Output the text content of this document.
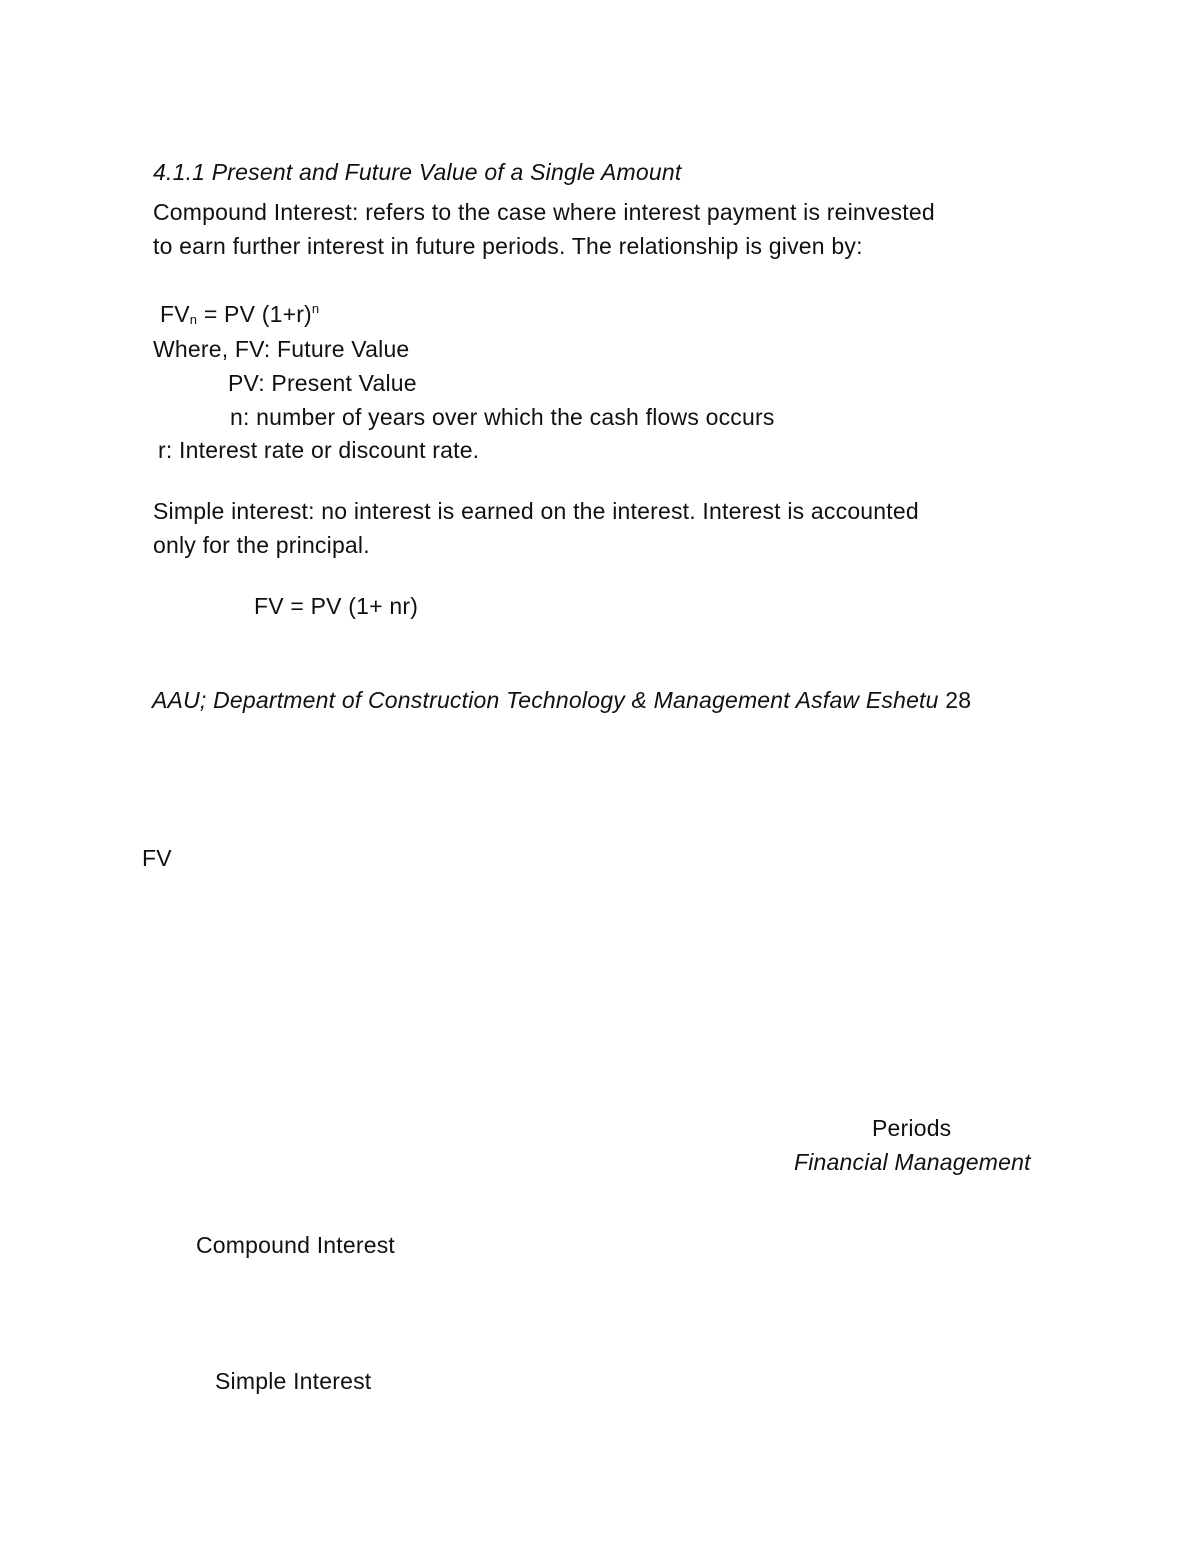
4.1.1 Present and Future Value of a Single Amount
Compound Interest: refers to the case where interest payment is reinvested
to earn further interest in future periods. The relationship is given by:
$FV_n$ = PV $(1+r)^n$
Where, FV: Future Value
PV: Present Value
n: number of years over which the cash flows occurs
r: Interest rate or discount rate.
Simple interest: no interest is earned on the interest. Interest is accounted
only for the principal.
FV = PV (1+ nr)
AAU; Department of Construction Technology & Management Asfaw Eshetu 28
FV
Periods
Financial Management
Compound Interest
Simple Interest
